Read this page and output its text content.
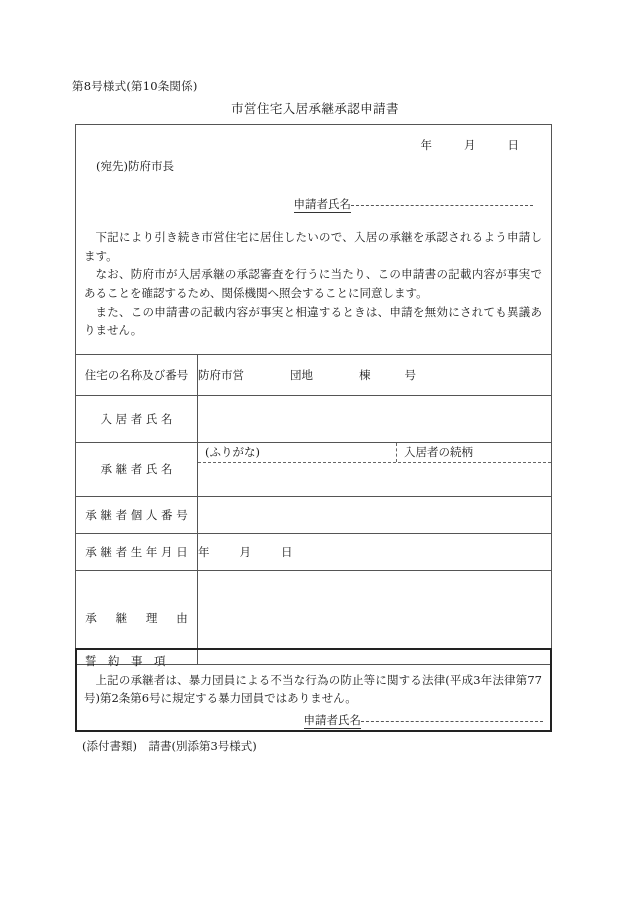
第8号様式(第10条関係)
市営住宅入居承継承認申請書
年	月	日
(宛先)防府市長
申請者氏名

下記により引き続き市営住宅に居住したいので、入居の承継を承認されるよう申請します。

なお、防府市が入居承継の承認審査を行うに当たり、この申請書の記載内容が事実であることを確認するため、関係機関へ照会することに同意します。

また、この申請書の記載内容が事実と相違するときは、申請を無効にされても異議ありません。

住宅の名称及び番号	防府市営 団地 棟 号
入 居 者 氏 名	
承 継 者 氏 名	(ふりがな) 入居者の続柄

承 継 者 個 人 番 号	
承 継 者 生 年 月 日	年 月 日
承 　 継 　 理 　 由	
誓　約　事　項

上記の承継者は、暴力団員による不当な行為の防止等に関する法律(平成3年法律第77号)第2条第6号に規定する暴力団員ではありません。

申請者氏名
(添付書類)　請書(別添第3号様式)
